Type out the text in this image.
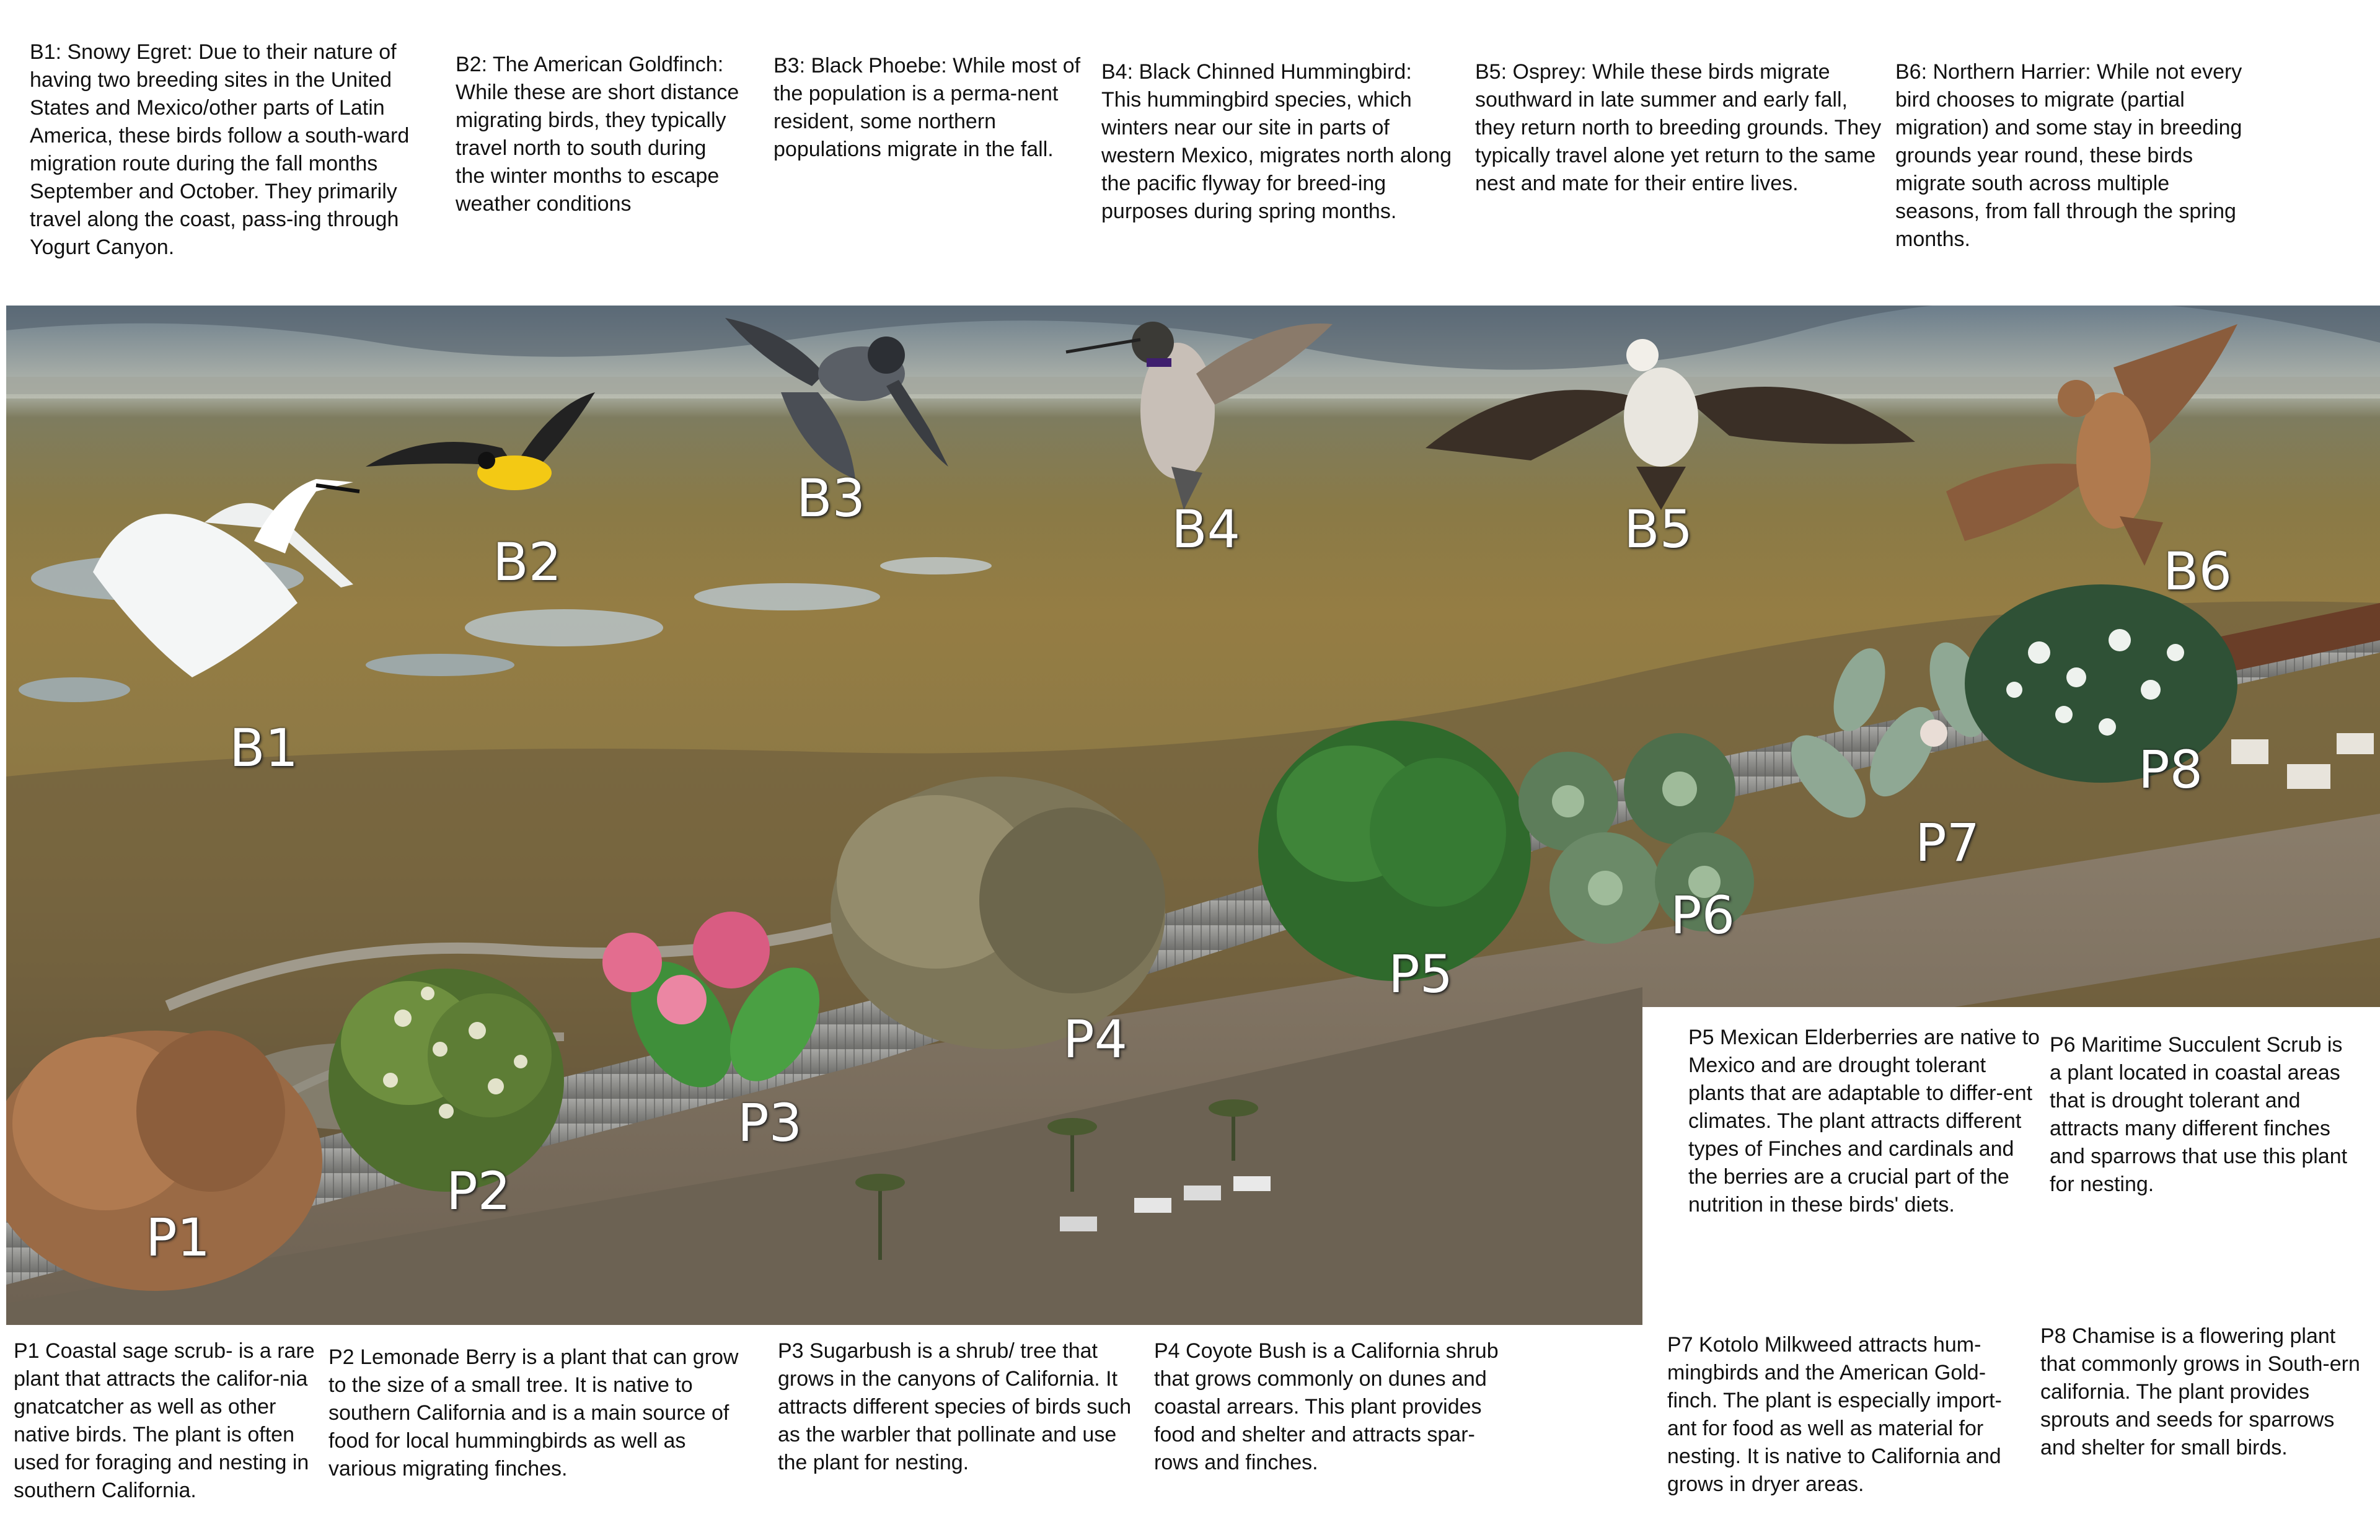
B1: Snowy Egret: Due to their nature of having two breeding sites in the United States and Mexico/other parts of Latin America, these birds follow a south-ward migration route during the fall months September and October. They primarily travel along the coast, pass-ing through Yogurt Canyon.

B2: The American Goldfinch: While these are short distance migrating birds, they typically travel north to south during the winter months to escape weather conditions

B3: Black Phoebe: While most of the population is a perma-nent resident, some northern populations migrate in the fall.

B4: Black Chinned Hummingbird: This hummingbird species, which winters near our site in parts of western Mexico, migrates north along the pacific flyway for breed-ing purposes during spring months.

B5: Osprey: While these birds migrate southward in late summer and early fall, they return north to breeding grounds. They typically travel alone yet return to the same nest and mate for their entire lives.

B6: Northern Harrier: While not every bird chooses to migrate (partial migration) and some stay in breeding grounds year round, these birds migrate south across multiple seasons, from fall through the spring months.

B1
B2
B3
B4	B5
B6
P1
P2
P3
P4
P5
P6
P7
P8

P5 Mexican Elderberries are native to Mexico and are drought tolerant plants that are adaptable to differ-ent climates. The plant attracts different types of Finches and cardinals and the berries are a crucial part of the nutrition in these birds' diets.

P6 Maritime Succulent Scrub is a plant located in coastal areas that is drought tolerant and attracts many different finches and sparrows that use this plant for nesting.

P1 Coastal sage scrub- is a rare plant that attracts the califor-nia gnatcatcher as well as other native birds. The plant is often used for foraging and nesting in southern California.

P2 Lemonade Berry is a plant that can grow to the size of a small tree. It is native to southern California and is a main source of food for local hummingbirds as well as various migrating finches.

P3 Sugarbush is a shrub/ tree that grows in the canyons of California. It attracts different species of birds such as the warbler that pollinate and use the plant for nesting.

P4 Coyote Bush is a California shrub that grows commonly on dunes and coastal arrears. This plant provides food and shelter and attracts spar-rows and finches.

P7 Kotolo Milkweed attracts hum-mingbirds and the American Gold-finch. The plant is especially import-ant for food as well as material for nesting. It is native to California and grows in dryer areas.

P8 Chamise is a flowering plant that commonly grows in South-ern california. The plant provides sprouts and seeds for sparrows and shelter for small birds.
